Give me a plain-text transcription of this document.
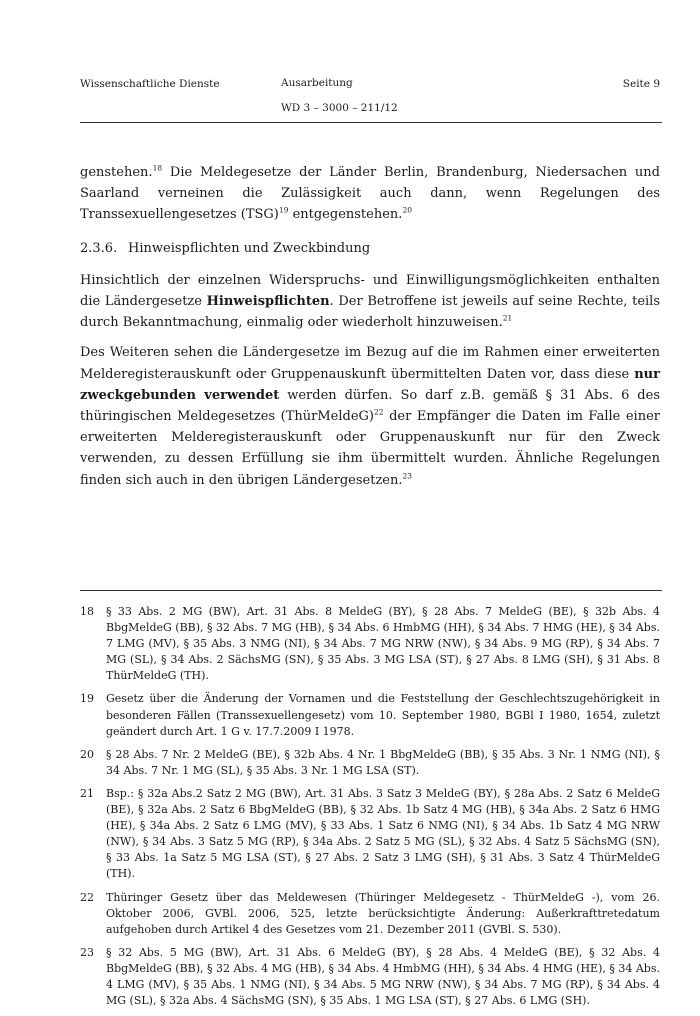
Wissenschaftliche Dienste	Ausarbeitung
WD 3 – 3000 – 211/12
Seite 9

genstehen.$^{18}$ Die Meldegesetze der Länder Berlin, Brandenburg, Niedersachen und Saarland verneinen die Zulässigkeit auch dann, wenn Regelungen des Transsexuellengesetzes (TSG)$^{19}$ entgegenstehen.$^{20}$

2.3.6. Hinweispflichten und Zweckbindung

Hinsichtlich der einzelnen Widerspruchs- und Einwilligungsmöglichkeiten enthalten die Ländergesetze Hinweispflichten. Der Betroffene ist jeweils auf seine Rechte, teils durch Bekanntmachung, einmalig oder wiederholt hinzuweisen.$^{21}$

Des Weiteren sehen die Ländergesetze im Bezug auf die im Rahmen einer erweiterten Melderegisterauskunft oder Gruppenauskunft übermittelten Daten vor, dass diese nur zweckgebunden verwendet werden dürfen. So darf z.B. gemäß § 31 Abs. 6 des thüringischen Meldegesetzes (ThürMeldeG)$^{22}$ der Empfänger die Daten im Falle einer erweiterten Melderegisterauskunft oder Gruppenauskunft nur für den Zweck verwenden, zu dessen Erfüllung sie ihm übermittelt wurden. Ähnliche Regelungen finden sich auch in den übrigen Ländergesetzen.$^{23}$

18	§ 33 Abs. 2 MG (BW), Art. 31 Abs. 8 MeldeG (BY), § 28 Abs. 7 MeldeG (BE), § 32b Abs. 4 BbgMeldeG (BB), § 32 Abs. 7 MG (HB), § 34 Abs. 6 HmbMG (HH), § 34 Abs. 7 HMG (HE), § 34 Abs. 7 LMG (MV), § 35 Abs. 3 NMG (NI), § 34 Abs. 7 MG NRW (NW), § 34 Abs. 9 MG (RP), § 34 Abs. 7 MG (SL), § 34 Abs. 2 SächsMG (SN), § 35 Abs. 3 MG LSA (ST), § 27 Abs. 8 LMG (SH), § 31 Abs. 8 ThürMeldeG (TH).
19	Gesetz über die Änderung der Vornamen und die Feststellung der Geschlechtszugehörigkeit in besonderen Fällen (Transsexuellengesetz) vom 10. September 1980, BGBl I 1980, 1654, zuletzt geändert durch Art. 1 G v. 17.7.2009 I 1978.
20	§ 28 Abs. 7 Nr. 2 MeldeG (BE), § 32b Abs. 4 Nr. 1 BbgMeldeG (BB), § 35 Abs. 3 Nr. 1 NMG (NI), § 34 Abs. 7 Nr. 1 MG (SL), § 35 Abs. 3 Nr. 1 MG LSA (ST).
21	Bsp.: § 32a Abs.2 Satz 2 MG (BW), Art. 31 Abs. 3 Satz 3 MeldeG (BY), § 28a Abs. 2 Satz 6 MeldeG (BE), § 32a Abs. 2 Satz 6 BbgMeldeG (BB), § 32 Abs. 1b Satz 4 MG (HB), § 34a Abs. 2 Satz 6 HMG (HE), § 34a Abs. 2 Satz 6 LMG (MV), § 33 Abs. 1 Satz 6 NMG (NI), § 34 Abs. 1b Satz 4 MG NRW (NW), § 34 Abs. 3 Satz 5 MG (RP), § 34a Abs. 2 Satz 5 MG (SL), § 32 Abs. 4 Satz 5 SächsMG (SN), § 33 Abs. 1a Satz 5 MG LSA (ST), § 27 Abs. 2 Satz 3 LMG (SH), § 31 Abs. 3 Satz 4 ThürMeldeG (TH).
22	Thüringer Gesetz über das Meldewesen (Thüringer Meldegesetz - ThürMeldeG -), vom 26. Oktober 2006, GVBl. 2006, 525, letzte berücksichtigte Änderung: Außerkrafttretedatum aufgehoben durch Artikel 4 des Gesetzes vom 21. Dezember 2011 (GVBl. S. 530).
23	§ 32 Abs. 5 MG (BW), Art. 31 Abs. 6 MeldeG (BY), § 28 Abs. 4 MeldeG (BE), § 32 Abs. 4 BbgMeldeG (BB), § 32 Abs. 4 MG (HB), § 34 Abs. 4 HmbMG (HH), § 34 Abs. 4 HMG (HE), § 34 Abs. 4 LMG (MV), § 35 Abs. 1 NMG (NI), § 34 Abs. 5 MG NRW (NW), § 34 Abs. 7 MG (RP), § 34 Abs. 4 MG (SL), § 32a Abs. 4 SächsMG (SN), § 35 Abs. 1 MG LSA (ST), § 27 Abs. 6 LMG (SH).
